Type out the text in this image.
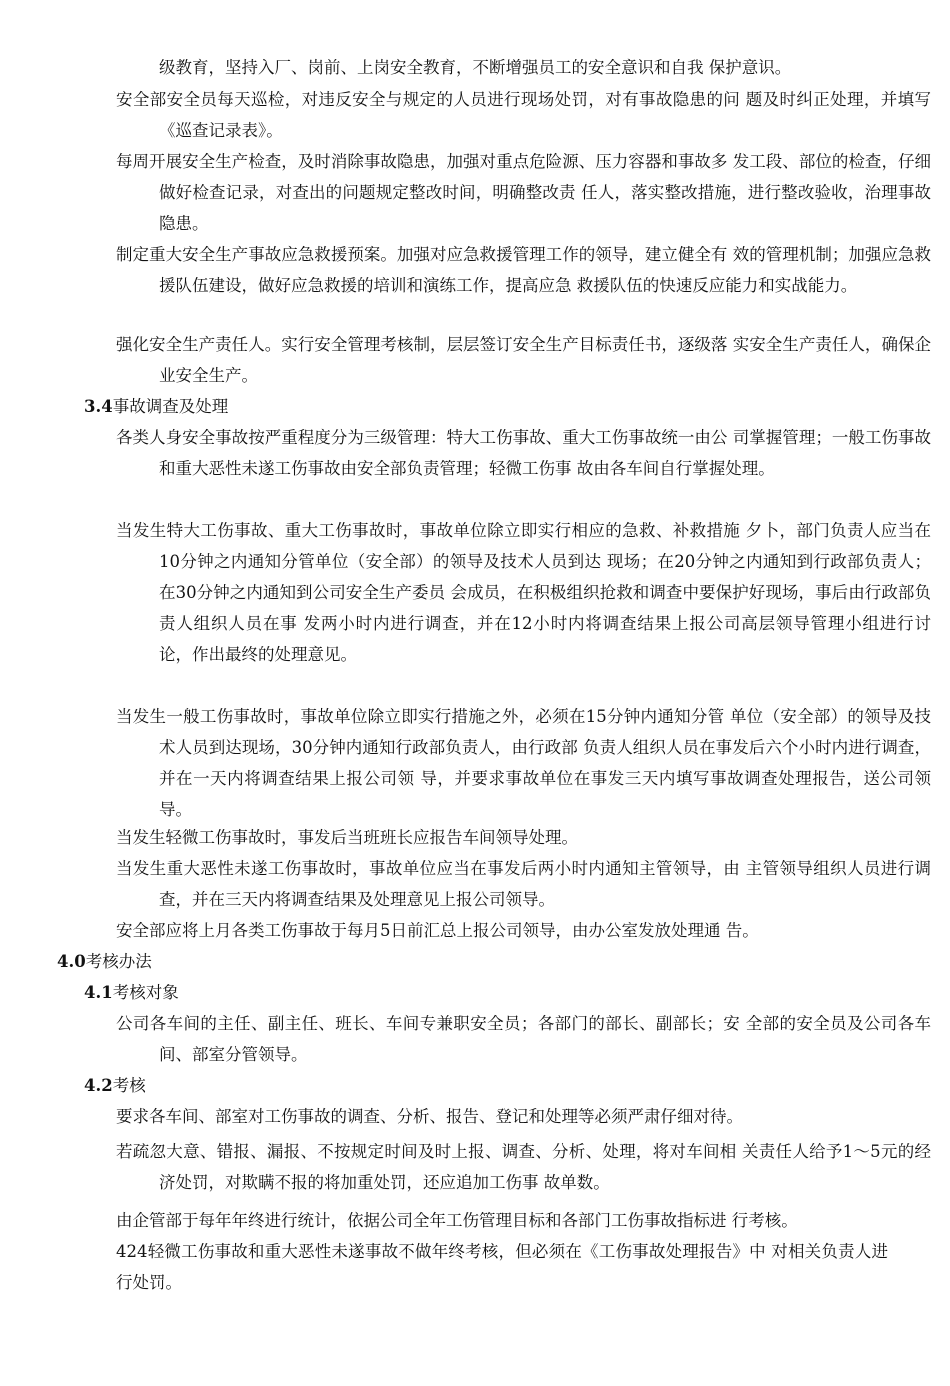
级教育，坚持入厂、岗前、上岗安全教育，不断增强员工的安全意识和自我 保护意识。

安全部安全员每天巡检，对违反安全与规定的人员进行现场处罚，对有事故隐患的问 题及时纠正处理，并填写《巡查记录表》。

每周开展安全生产检查，及时消除事故隐患，加强对重点危险源、压力容器和事故多 发工段、部位的检查，仔细做好检查记录，对查出的问题规定整改时间，明确整改责 任人，落实整改措施，进行整改验收，治理事故隐患。

制定重大安全生产事故应急救援预案。加强对应急救援管理工作的领导，建立健全有 效的管理机制；加强应急救援队伍建设，做好应急救援的培训和演练工作，提高应急 救援队伍的快速反应能力和实战能力。

强化安全生产责任人。实行安全管理考核制，层层签订安全生产目标责任书，逐级落 实安全生产责任人，确保企业安全生产。

3.4事故调查及处理

各类人身安全事故按严重程度分为三级管理：特大工伤事故、重大工伤事故统一由公 司掌握管理；一般工伤事故和重大恶性未遂工伤事故由安全部负责管理；轻微工伤事 故由各车间自行掌握处理。

当发生特大工伤事故、重大工伤事故时，事故单位除立即实行相应的急救、补救措施 夕卜，部门负责人应当在10分钟之内通知分管单位（安全部）的领导及技术人员到达 现场；在20分钟之内通知到行政部负责人；在30分钟之内通知到公司安全生产委员 会成员，在积极组织抢救和调查中要保护好现场，事后由行政部负责人组织人员在事 发两小时内进行调查，并在12小时内将调查结果上报公司高层领导管理小组进行讨 论，作出最终的处理意见。

当发生一般工伤事故时，事故单位除立即实行措施之外，必须在15分钟内通知分管 单位（安全部）的领导及技术人员到达现场，30分钟内通知行政部负责人，由行政部 负责人组织人员在事发后六个小时内进行调查，并在一天内将调查结果上报公司领 导，并要求事故单位在事发三天内填写事故调查处理报告，送公司领导。

当发生轻微工伤事故时，事发后当班班长应报告车间领导处理。

当发生重大恶性未遂工伤事故时，事故单位应当在事发后两小时内通知主管领导，由 主管领导组织人员进行调查，并在三天内将调查结果及处理意见上报公司领导。

安全部应将上月各类工伤事故于每月5日前汇总上报公司领导，由办公室发放处理通 告。

4.0考核办法
4.1考核对象

公司各车间的主任、副主任、班长、车间专兼职安全员；各部门的部长、副部长；安 全部的安全员及公司各车间、部室分管领导。

4.2考核

要求各车间、部室对工伤事故的调查、分析、报告、登记和处理等必须严肃仔细对待。

若疏忽大意、错报、漏报、不按规定时间及时上报、调查、分析、处理，将对车间相 关责任人给予1〜5元的经济处罚，对欺瞒不报的将加重处罚，还应追加工伤事 故单数。

由企管部于每年年终进行统计，依据公司全年工伤管理目标和各部门工伤事故指标进 行考核。

424轻微工伤事故和重大恶性未遂事故不做年终考核，但必须在《工伤事故处理报告》中 对相关负责人进行处罚。
